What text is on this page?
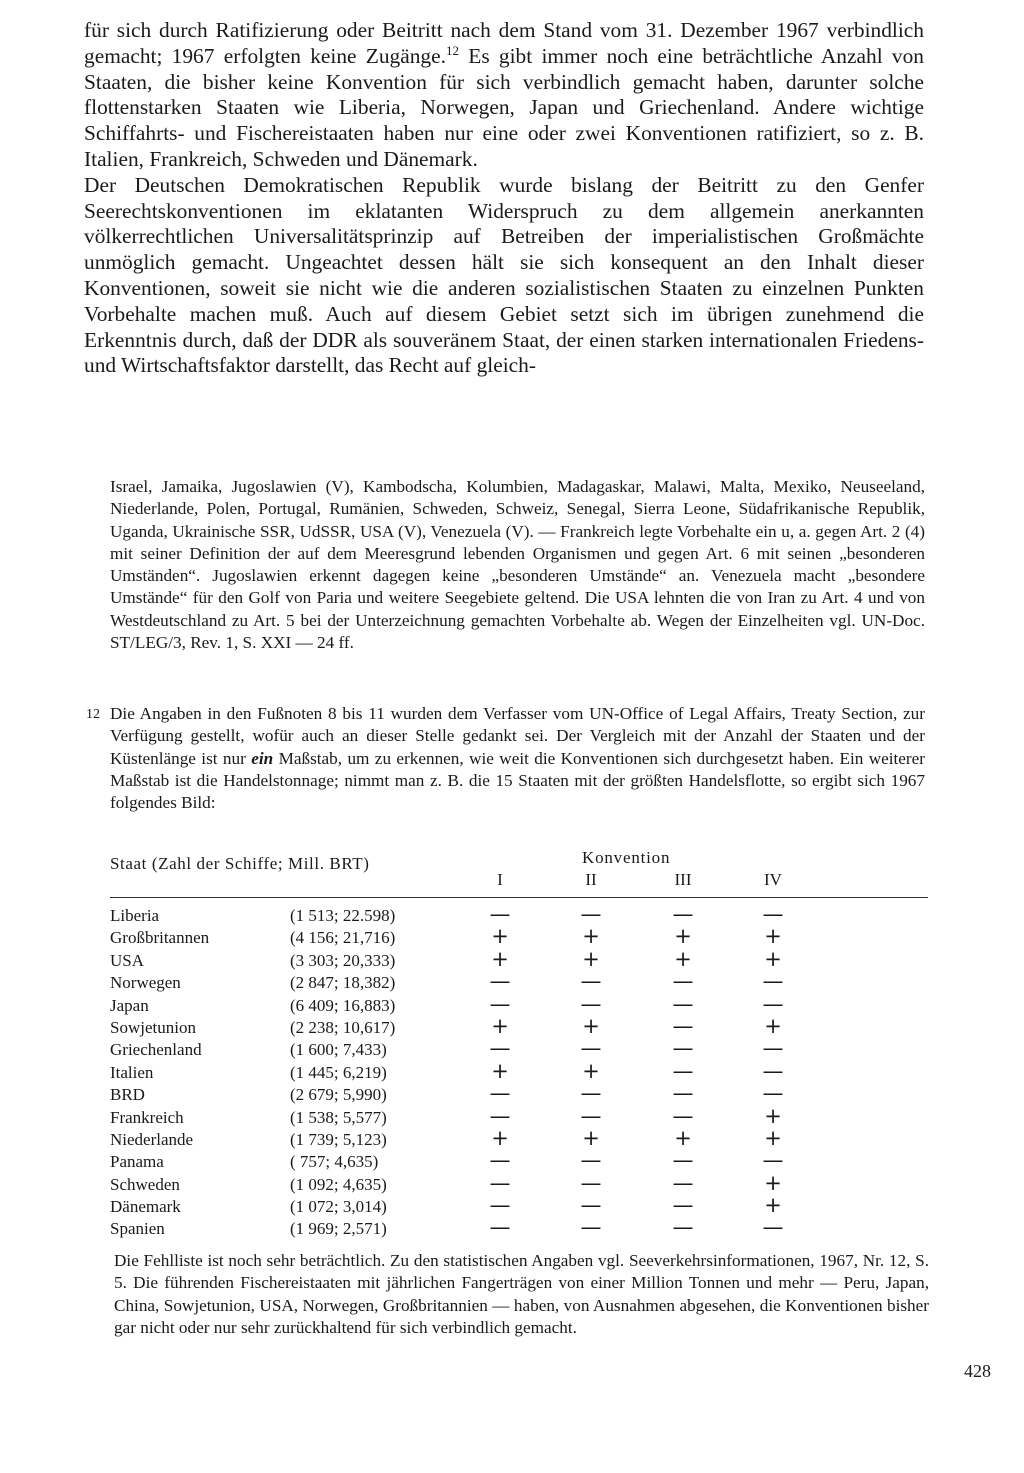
für sich durch Ratifizierung oder Beitritt nach dem Stand vom 31. Dezember 1967 verbindlich gemacht; 1967 erfolgten keine Zugänge.$^{12}$ Es gibt immer noch eine beträchtliche Anzahl von Staaten, die bisher keine Konvention für sich verbindlich gemacht haben, darunter solche flottenstarken Staaten wie Liberia, Norwegen, Japan und Griechenland. Andere wichtige Schiffahrts- und Fischereistaaten haben nur eine oder zwei Konventionen ratifiziert, so z. B. Italien, Frankreich, Schweden und Dänemark.

Der Deutschen Demokratischen Republik wurde bislang der Beitritt zu den Genfer Seerechtskonventionen im eklatanten Widerspruch zu dem allgemein anerkannten völkerrechtlichen Universalitätsprinzip auf Betreiben der imperialistischen Großmächte unmöglich gemacht. Ungeachtet dessen hält sie sich konsequent an den Inhalt dieser Konventionen, soweit sie nicht wie die anderen sozialistischen Staaten zu einzelnen Punkten Vorbehalte machen muß. Auch auf diesem Gebiet setzt sich im übrigen zunehmend die Erkenntnis durch, daß der DDR als souveränem Staat, der einen starken internationalen Friedens- und Wirtschaftsfaktor darstellt, das Recht auf gleich-

Israel, Jamaika, Jugoslawien (V), Kambodscha, Kolumbien, Madagaskar, Malawi, Malta, Mexiko, Neuseeland, Niederlande, Polen, Portugal, Rumänien, Schweden, Schweiz, Senegal, Sierra Leone, Südafrikanische Republik, Uganda, Ukrainische SSR, UdSSR, USA (V), Venezuela (V). — Frankreich legte Vorbehalte ein u, a. gegen Art. 2 (4) mit seiner Definition der auf dem Meeresgrund lebenden Organismen und gegen Art. 6 mit seinen „besonderen Umständen“. Jugoslawien erkennt dagegen keine „besonderen Umstände“ an. Venezuela macht „besondere Umstände“ für den Golf von Paria und weitere Seegebiete geltend. Die USA lehnten die von Iran zu Art. 4 und von Westdeutschland zu Art. 5 bei der Unterzeichnung gemachten Vorbehalte ab. Wegen der Einzelheiten vgl. UN-Doc. ST/LEG/3, Rev. 1, S. XXI — 24 ff.
12 Die Angaben in den Fußnoten 8 bis 11 wurden dem Verfasser vom UN-Office of Legal Affairs, Treaty Section, zur Verfügung gestellt, wofür auch an dieser Stelle gedankt sei. Der Vergleich mit der Anzahl der Staaten und der Küstenlänge ist nur ein Maßstab, um zu erkennen, wie weit die Konventionen sich durchgesetzt haben. Ein weiterer Maßstab ist die Handelstonnage; nimmt man z. B. die 15 Staaten mit der größten Handelsflotte, so ergibt sich 1967 folgendes Bild:
Staat (Zahl der Schiffe; Mill. BRT)	Konvention
I	II	III	IV
Liberia	(1 513; 22.598)	—	—	—	—
Großbritannen	(4 156; 21,716)	+	+	+	+
USA	(3 303; 20,333)	+	+	+	+
Norwegen	(2 847; 18,382)	—	—	—	—
Japan	(6 409; 16,883)	—	—	—	—
Sowjetunion	(2 238; 10,617)	+	+	—	+
Griechenland	(1 600; 7,433)	—	—	—	—
Italien	(1 445; 6,219)	+	+	—	—
BRD	(2 679; 5,990)	—	—	—	—
Frankreich	(1 538; 5,577)	—	—	—	+
Niederlande	(1 739; 5,123)	+	+	+	+
Panama	( 757; 4,635)	—	—	—	—
Schweden	(1 092; 4,635)	—	—	—	+
Dänemark	(1 072; 3,014)	—	—	—	+
Spanien	(1 969; 2,571)	—	—	—	—
Die Fehlliste ist noch sehr beträchtlich. Zu den statistischen Angaben vgl. Seeverkehrsinformationen, 1967, Nr. 12, S. 5. Die führenden Fischereistaaten mit jährlichen Fangerträgen von einer Million Tonnen und mehr — Peru, Japan, China, Sowjetunion, USA, Norwegen, Großbritannien — haben, von Ausnahmen abgesehen, die Konventionen bisher gar nicht oder nur sehr zurückhaltend für sich verbindlich gemacht.
428
